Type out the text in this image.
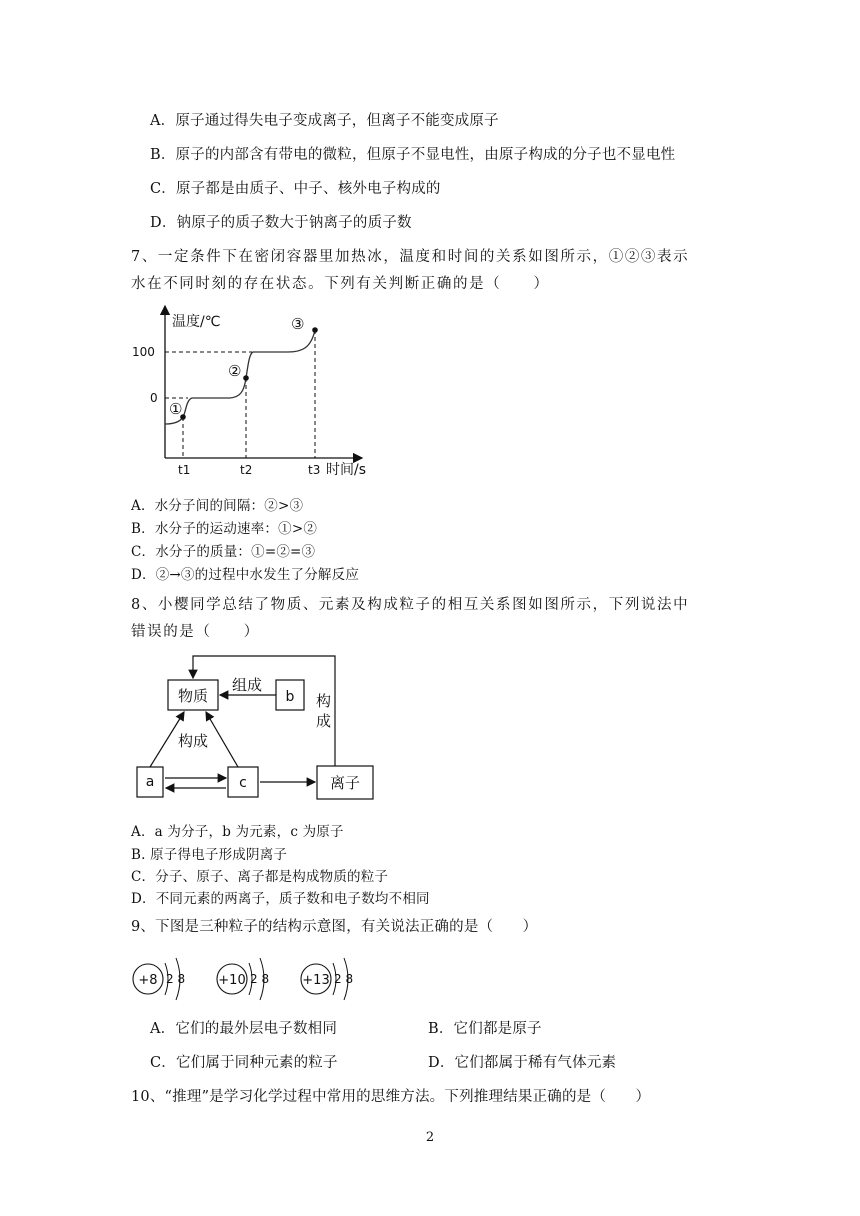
A．原子通过得失电子变成离子，但离子不能变成原子
B．原子的内部含有带电的微粒，但原子不显电性，由原子构成的分子也不显电性
C．原子都是由质子、中子、核外电子构成的
D．钠原子的质子数大于钠离子的质子数
7、一定条件下在密闭容器里加热冰，温度和时间的关系如图所示，①②③表示
水在不同时刻的存在状态。下列有关判断正确的是（　　）
温度/℃
时间/s
100
0
t1	t2	t3
①
②
③
A．水分子间的间隔：②>③
B．水分子的运动速率：①>②
C．水分子的质量：①=②=③
D．②→③的过程中水发生了分解反应
8、小樱同学总结了物质、元素及构成粒子的相互关系图如图所示，下列说法中
错误的是（　　）
物质	b
a	c	离子
组成
构成
构
成
A．a 为分子，b 为元素，c 为原子
B. 原子得电子形成阴离子
C．分子、原子、离子都是构成物质的粒子
D．不同元素的两离子，质子数和电子数均不相同
9、下图是三种粒子的结构示意图，有关说法正确的是（　　）
+8 2 8	+10 2 8	+13 2 8
A．它们的最外层电子数相同	B．它们都是原子
C．它们属于同种元素的粒子	D．它们都属于稀有气体元素
10、“推理”是学习化学过程中常用的思维方法。下列推理结果正确的是（　　）
2
